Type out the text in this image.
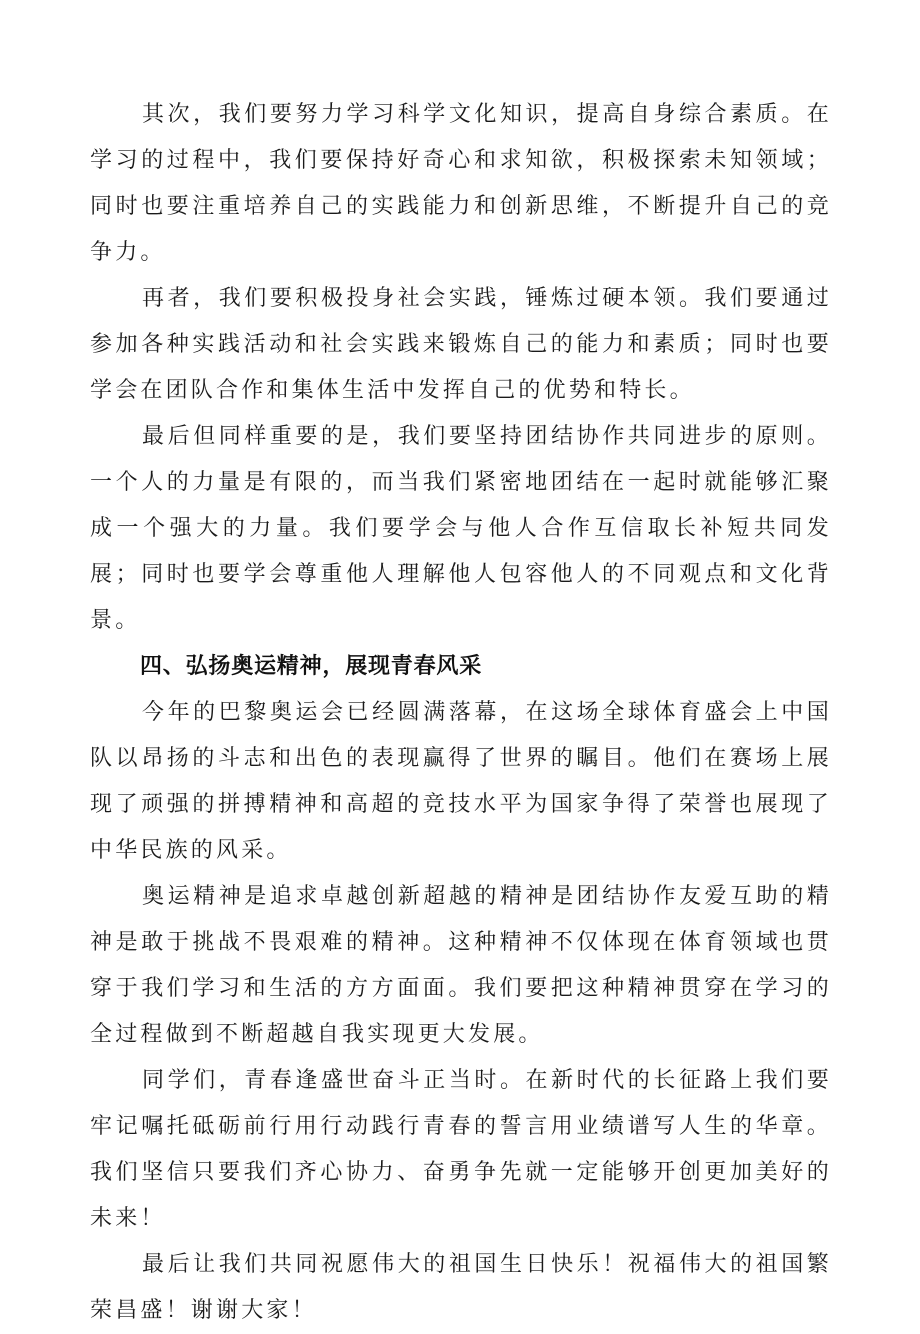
其次，我们要努力学习科学文化知识，提高自身综合素质。在学习的过程中，我们要保持好奇心和求知欲，积极探索未知领域；同时也要注重培养自己的实践能力和创新思维，不断提升自己的竞争力。

再者，我们要积极投身社会实践，锤炼过硬本领。我们要通过参加各种实践活动和社会实践来锻炼自己的能力和素质；同时也要学会在团队合作和集体生活中发挥自己的优势和特长。

最后但同样重要的是，我们要坚持团结协作共同进步的原则。一个人的力量是有限的，而当我们紧密地团结在一起时就能够汇聚成一个强大的力量。我们要学会与他人合作互信取长补短共同发展；同时也要学会尊重他人理解他人包容他人的不同观点和文化背景。

四、弘扬奥运精神，展现青春风采

今年的巴黎奥运会已经圆满落幕，在这场全球体育盛会上中国队以昂扬的斗志和出色的表现赢得了世界的瞩目。他们在赛场上展现了顽强的拼搏精神和高超的竞技水平为国家争得了荣誉也展现了中华民族的风采。

奥运精神是追求卓越创新超越的精神是团结协作友爱互助的精神是敢于挑战不畏艰难的精神。这种精神不仅体现在体育领域也贯穿于我们学习和生活的方方面面。我们要把这种精神贯穿在学习的全过程做到不断超越自我实现更大发展。

同学们，青春逢盛世奋斗正当时。在新时代的长征路上我们要牢记嘱托砥砺前行用行动践行青春的誓言用业绩谱写人生的华章。我们坚信只要我们齐心协力、奋勇争先就一定能够开创更加美好的未来！

最后让我们共同祝愿伟大的祖国生日快乐！祝福伟大的祖国繁荣昌盛！谢谢大家！
